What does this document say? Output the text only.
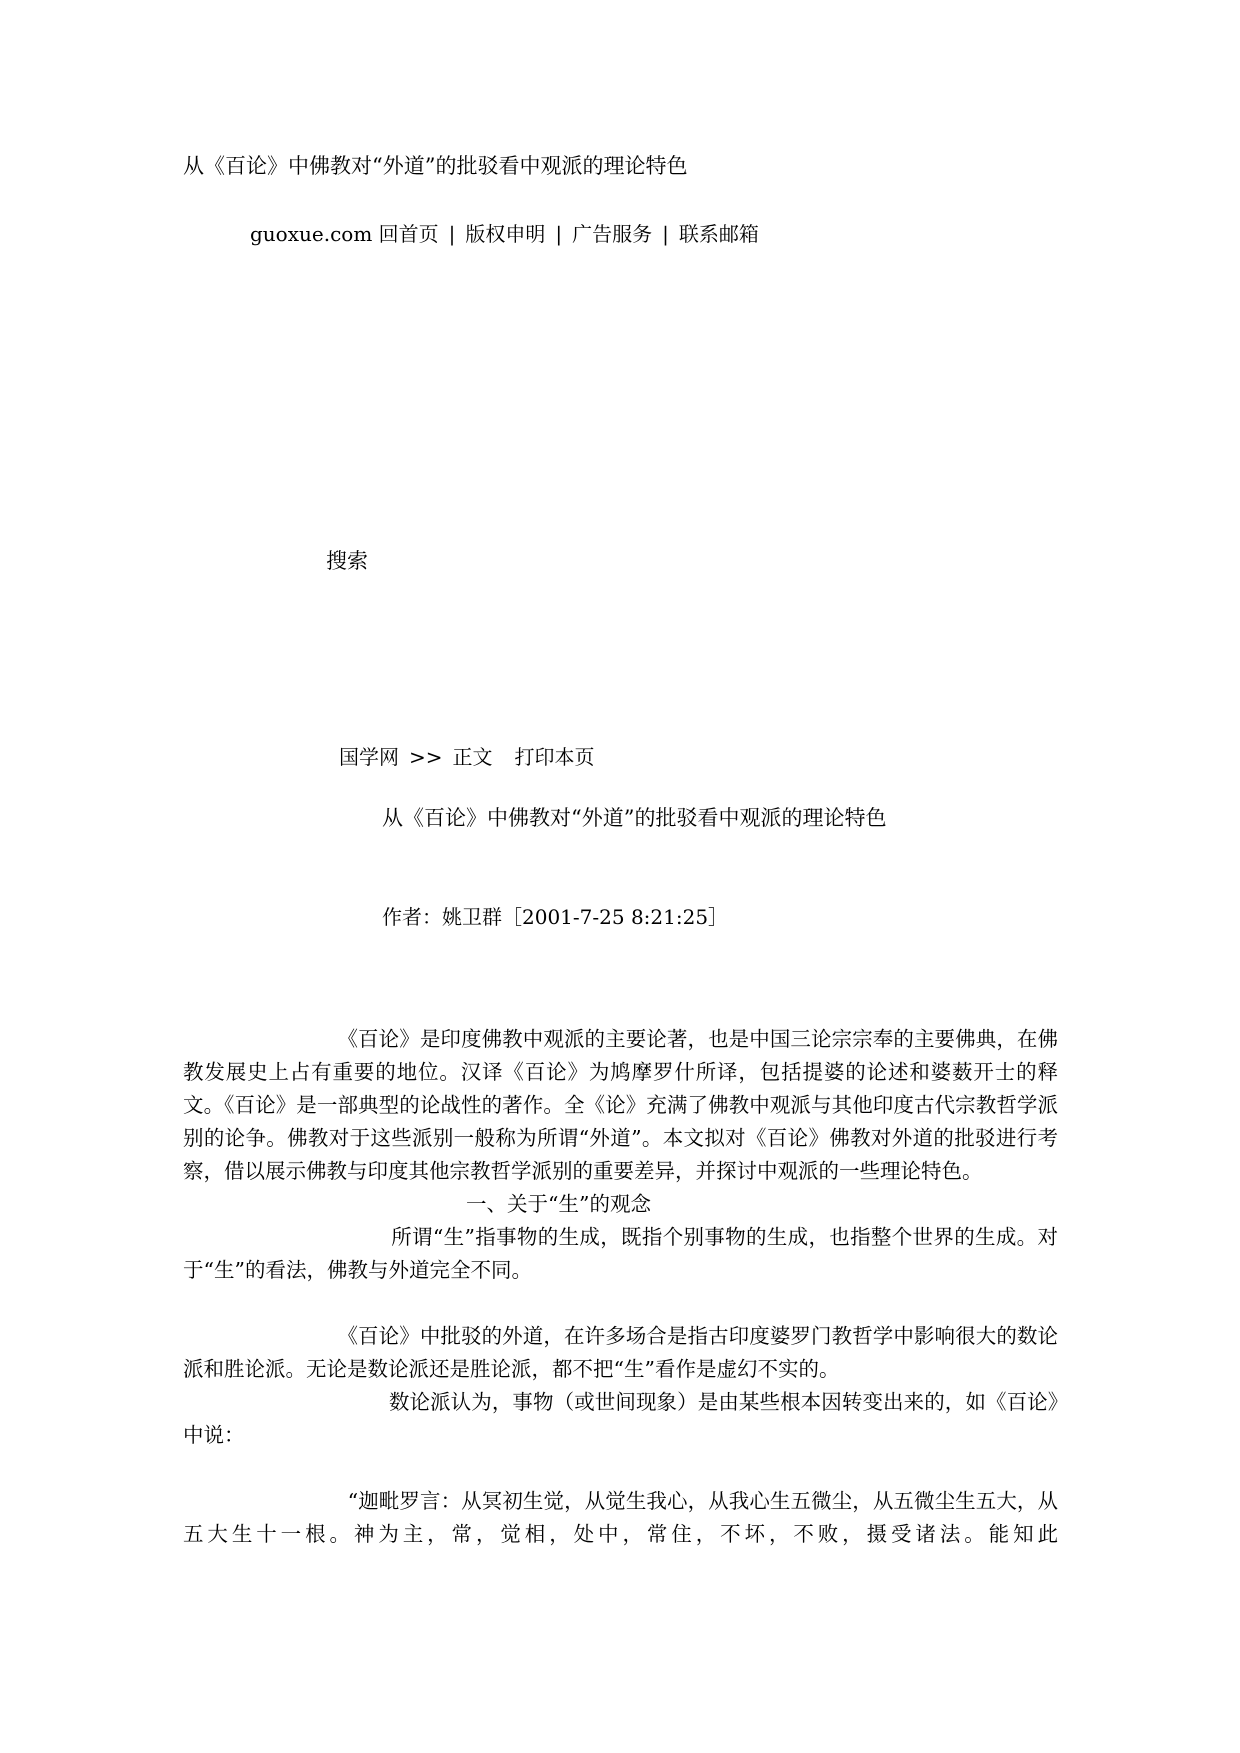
从《百论》中佛教对“外道”的批驳看中观派的理论特色
guoxue.com 回首页 | 版权申明 | 广告服务 | 联系邮箱
搜索
国学网 >> 正文 打印本页
从《百论》中佛教对“外道”的批驳看中观派的理论特色
作者：姚卫群［2001-7-25 8:21:25］

　　　　　　　　《百论》是印度佛教中观派的主要论著，也是中国三论宗宗奉的主要佛典，在佛教发展史上占有重要的地位。汉译《百论》为鸠摩罗什所译，包括提婆的论述和婆薮开士的释文。《百论》是一部典型的论战性的著作。全《论》充满了佛教中观派与其他印度古代宗教哲学派别的论争。佛教对于这些派别一般称为所谓“外道”。本文拟对《百论》佛教对外道的批驳进行考察，借以展示佛教与印度其他宗教哲学派别的重要差异，并探讨中观派的一些理论特色。

一、关于“生”的观念

　　　　　　　　　　所谓“生”指事物的生成，既指个别事物的生成，也指整个世界的生成。对于“生”的看法，佛教与外道完全不同。

　　　　　　　　《百论》中批驳的外道，在许多场合是指古印度婆罗门教哲学中影响很大的数论派和胜论派。无论是数论派还是胜论派，都不把“生”看作是虚幻不实的。

　　　　　　　　　　数论派认为，事物（或世间现象）是由某些根本因转变出来的，如《百论》中说：

　　　　　　　　“迦毗罗言：从冥初生觉，从觉生我心，从我心生五微尘，从五微尘生五大，从五大生十一根。神为主，常，觉相，处中，常住，不坏，不败，摄受诸法。能知此
